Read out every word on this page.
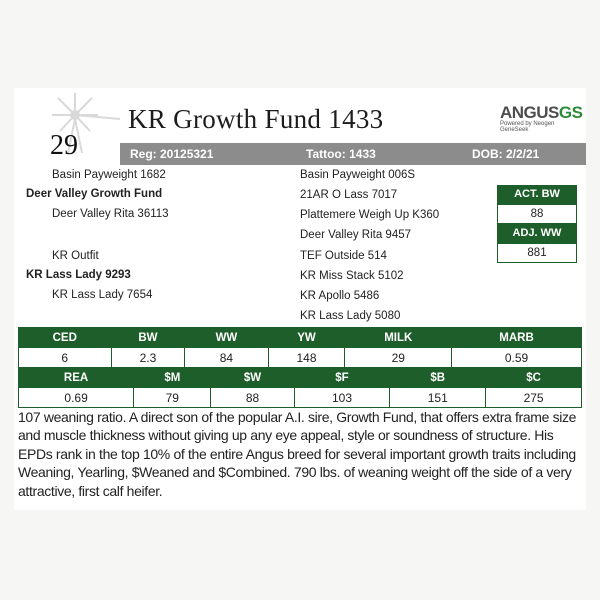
29
KR Growth Fund 1433	ANGUSGS
Powered by Neogen GeneSeek
Reg: 20125321	Tattoo: 1433	DOB: 2/2/21
Basin Payweight 1682
Deer Valley Growth Fund
Deer Valley Rita 36113
KR Outfit
KR Lass Lady 9293
KR Lass Lady 7654
Basin Payweight 006S
21AR O Lass 7017
Plattemere Weigh Up K360
Deer Valley Rita 9457
TEF Outside 514
KR Miss Stack 5102
KR Apollo 5486
KR Lass Lady 5080
ACT. BW
88
ADJ. WW
881
CED	BW	WW	YW	MILK	MARB
6	2.3	84	148	29	0.59
REA	$M	$W	$F	$B	$C
0.69	79	88	103	151	275
107 weaning ratio. A direct son of the popular A.I. sire, Growth Fund, that offers extra frame size and muscle thickness without giving up any eye appeal, style or soundness of structure. His EPDs rank in the top 10% of the entire Angus breed for several important growth traits including Weaning, Yearling, $Weaned and $Combined. 790 lbs. of weaning weight off the side of a very attractive, first calf heifer.
